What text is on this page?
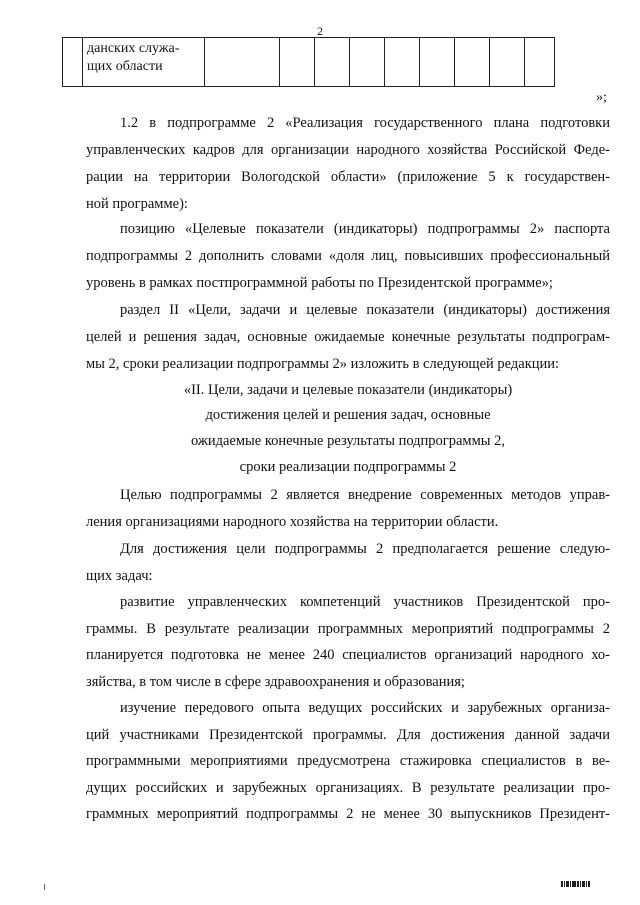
2

данских служа-
щих области

»;
1.2 в подпрограмме 2 «Реализация государственного плана подготовки
управленческих кадров для организации народного хозяйства Российской Феде-
рации на территории Вологодской области» (приложение 5 к государствен-
ной программе):
позицию «Целевые показатели (индикаторы) подпрограммы 2» паспорта
подпрограммы 2 дополнить словами «доля лиц, повысивших профессиональный
уровень в рамках постпрограммной работы по Президентской программе»;
раздел II «Цели, задачи и целевые показатели (индикаторы) достижения
целей и решения задач, основные ожидаемые конечные результаты подпрограм-
мы 2, сроки реализации подпрограммы 2» изложить в следующей редакции:
«II. Цели, задачи и целевые показатели (индикаторы)
достижения целей и решения задач, основные
ожидаемые конечные результаты подпрограммы 2,
сроки реализации подпрограммы 2
Целью подпрограммы 2 является внедрение современных методов управ-
ления организациями народного хозяйства на территории области.
Для достижения цели подпрограммы 2 предполагается решение следую-
щих задач:
развитие управленческих компетенций участников Президентской про-
граммы. В результате реализации программных мероприятий подпрограммы 2
планируется подготовка не менее 240 специалистов организаций народного хо-
зяйства, в том числе в сфере здравоохранения и образования;
изучение передового опыта ведущих российских и зарубежных организа-
ций участниками Президентской программы. Для достижения данной задачи
программными мероприятиями предусмотрена стажировка специалистов в ве-
дущих российских и зарубежных организациях. В результате реализации про-
граммных мероприятий подпрограммы 2 не менее 30 выпускников Президент-
